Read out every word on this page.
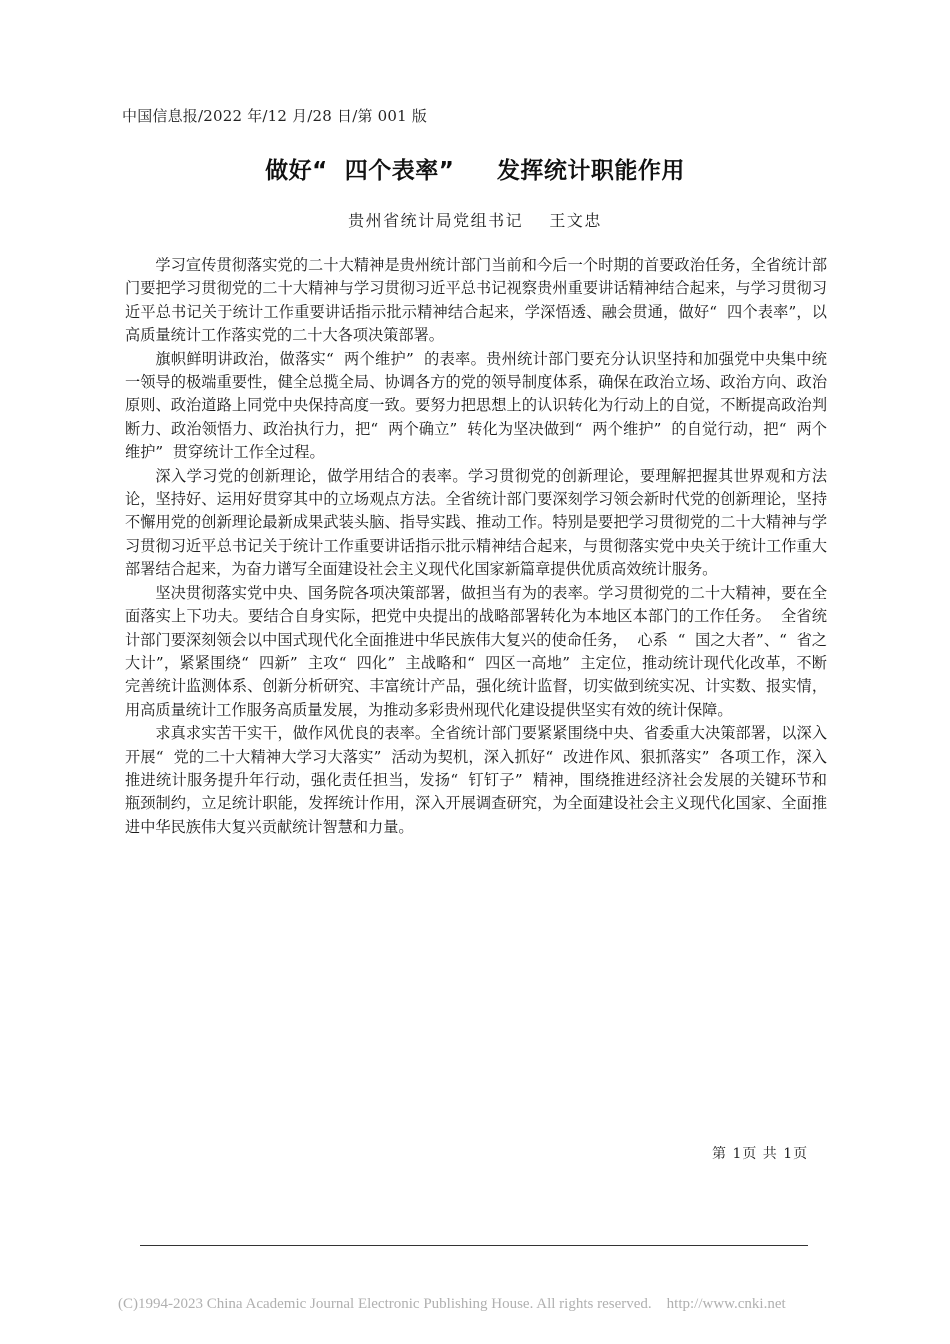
中国信息报/2022 年/12 月/28 日/第 001 版
做好“  四个表率”     发挥统计职能作用
贵州省统计局党组书记    王文忠

学习宣传贯彻落实党的二十大精神是贵州统计部门当前和今后一个时期的首要政治任务，全省统计部门要把学习贯彻党的二十大精神与学习贯彻习近平总书记视察贵州重要讲话精神结合起来，与学习贯彻习近平总书记关于统计工作重要讲话指示批示精神结合起来，学深悟透、融会贯通，做好“  四个表率”，以高质量统计工作落实党的二十大各项决策部署。

旗帜鲜明讲政治，做落实“  两个维护”  的表率。贵州统计部门要充分认识坚持和加强党中央集中统一领导的极端重要性，健全总揽全局、协调各方的党的领导制度体系，确保在政治立场、政治方向、政治原则、政治道路上同党中央保持高度一致。要努力把思想上的认识转化为行动上的自觉，不断提高政治判断力、政治领悟力、政治执行力，把“  两个确立”  转化为坚决做到“  两个维护”  的自觉行动，把“  两个维护”  贯穿统计工作全过程。

深入学习党的创新理论，做学用结合的表率。学习贯彻党的创新理论，要理解把握其世界观和方法论，坚持好、运用好贯穿其中的立场观点方法。全省统计部门要深刻学习领会新时代党的创新理论，坚持不懈用党的创新理论最新成果武装头脑、指导实践、推动工作。特别是要把学习贯彻党的二十大精神与学习贯彻习近平总书记关于统计工作重要讲话指示批示精神结合起来，与贯彻落实党中央关于统计工作重大部署结合起来，为奋力谱写全面建设社会主义现代化国家新篇章提供优质高效统计服务。

坚决贯彻落实党中央、国务院各项决策部署，做担当有为的表率。学习贯彻党的二十大精神，要在全面落实上下功夫。要结合自身实际，把党中央提出的战略部署转化为本地区本部门的工作任务。  全省统计部门要深刻领会以中国式现代化全面推进中华民族伟大复兴的使命任务，  心系  “  国之大者”、“  省之大计”，紧紧围绕“  四新”  主攻“  四化”  主战略和“  四区一高地”  主定位，推动统计现代化改革，不断完善统计监测体系、创新分析研究、丰富统计产品，强化统计监督，切实做到统实况、计实数、报实情，用高质量统计工作服务高质量发展，为推动多彩贵州现代化建设提供坚实有效的统计保障。

求真求实苦干实干，做作风优良的表率。全省统计部门要紧紧围绕中央、省委重大决策部署，以深入开展“  党的二十大精神大学习大落实”  活动为契机，深入抓好“  改进作风、狠抓落实”  各项工作，深入推进统计服务提升年行动，强化责任担当，发扬“  钉钉子”  精神，围绕推进经济社会发展的关键环节和瓶颈制约，立足统计职能，发挥统计作用，深入开展调查研究，为全面建设社会主义现代化国家、全面推进中华民族伟大复兴贡献统计智慧和力量。

第 1页 共 1页
(C)1994-2023 China Academic Journal Electronic Publishing House. All rights reserved.    http://www.cnki.net
